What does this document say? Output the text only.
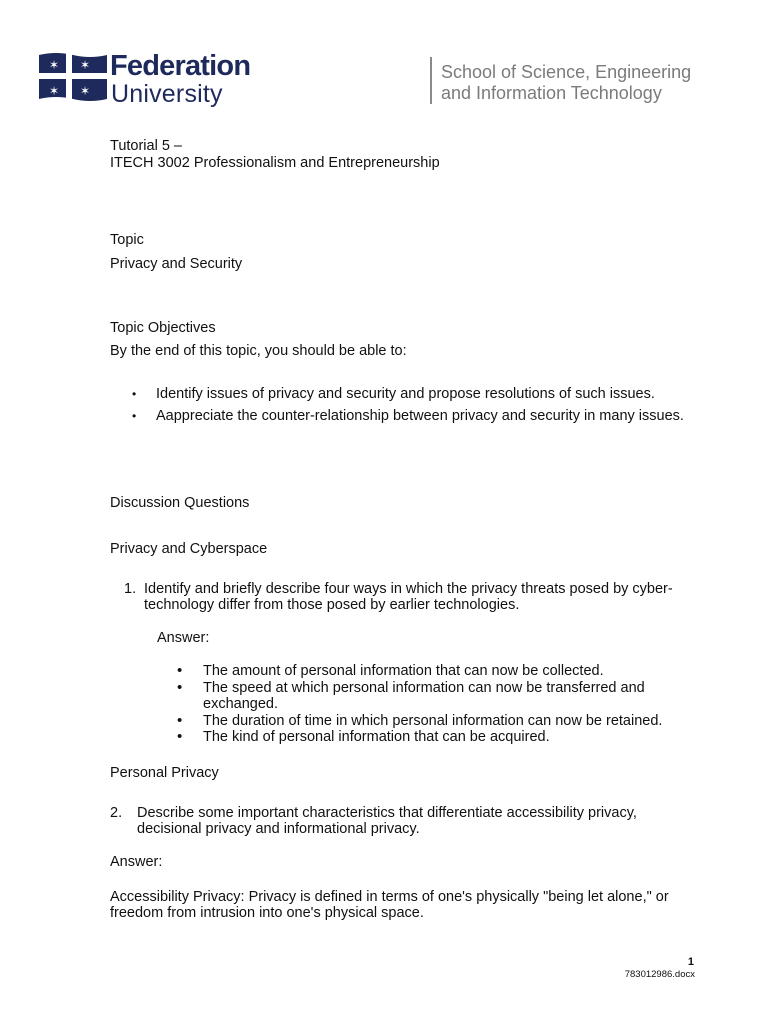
✶ ✶
✶ ✶
Federation
University
School of Science, Engineering
and Information Technology
Tutorial 5 –
ITECH 3002 Professionalism and Entrepreneurship
Topic
Privacy and Security
Topic Objectives
By the end of this topic, you should be able to:
• Identify issues of privacy and security and propose resolutions of such issues.
• Aappreciate the counter-relationship between privacy and security in many issues.
Discussion Questions
Privacy and Cyberspace
1. Identify and briefly describe four ways in which the privacy threats posed by cyber-technology differ from those posed by earlier technologies.
Answer:
• The amount of personal information that can now be collected.
• The speed at which personal information can now be transferred and exchanged.
• The duration of time in which personal information can now be retained.
• The kind of personal information that can be acquired.
Personal Privacy
2. Describe some important characteristics that differentiate accessibility privacy, decisional privacy and informational privacy.
Answer:
Accessibility Privacy: Privacy is defined in terms of one's physically "being let alone," or freedom from intrusion into one's physical space.
1
783012986.docx
